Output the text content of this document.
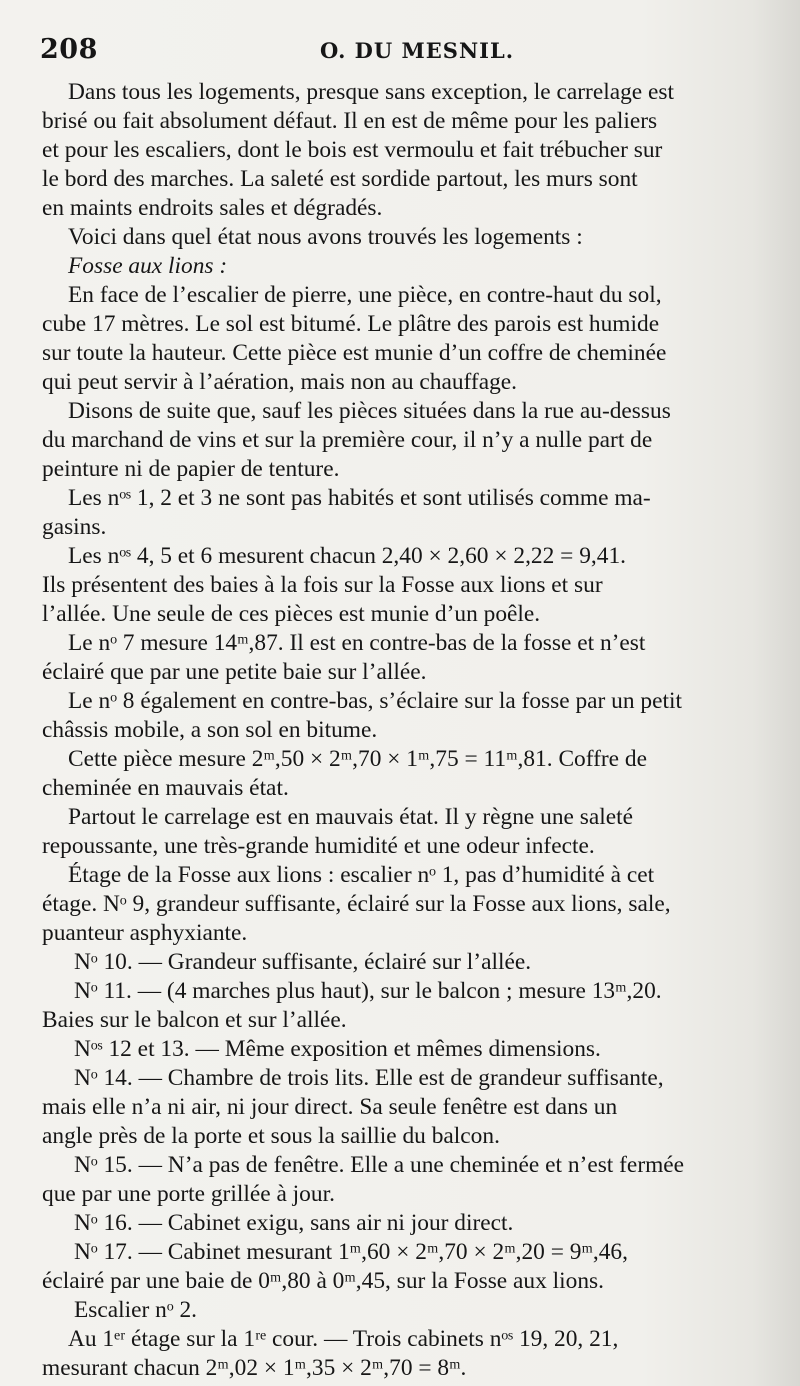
208	O. DU MESNIL.
Dans tous les logements, presque sans exception, le carrelage est
brisé ou fait absolument défaut. Il en est de même pour les paliers
et pour les escaliers, dont le bois est vermoulu et fait trébucher sur
le bord des marches. La saleté est sordide partout, les murs sont
en maints endroits sales et dégradés.
Voici dans quel état nous avons trouvés les logements :
Fosse aux lions :
En face de l’escalier de pierre, une pièce, en contre-haut du sol,
cube 17 mètres. Le sol est bitumé. Le plâtre des parois est humide
sur toute la hauteur. Cette pièce est munie d’un coffre de cheminée
qui peut servir à l’aération, mais non au chauffage.
Disons de suite que, sauf les pièces situées dans la rue au-dessus
du marchand de vins et sur la première cour, il n’y a nulle part de
peinture ni de papier de tenture.
Les nᵒˢ 1, 2 et 3 ne sont pas habités et sont utilisés comme ma-
gasins.
Les nᵒˢ 4, 5 et 6 mesurent chacun 2,40 × 2,60 × 2,22 = 9,41.
Ils présentent des baies à la fois sur la Fosse aux lions et sur
l’allée. Une seule de ces pièces est munie d’un poêle.
Le nᵒ 7 mesure 14ᵐ,87. Il est en contre-bas de la fosse et n’est
éclairé que par une petite baie sur l’allée.
Le nᵒ 8 également en contre-bas, s’éclaire sur la fosse par un petit
châssis mobile, a son sol en bitume.
Cette pièce mesure 2ᵐ,50 × 2ᵐ,70 × 1ᵐ,75 = 11ᵐ,81. Coffre de
cheminée en mauvais état.
Partout le carrelage est en mauvais état. Il y règne une saleté
repoussante, une très-grande humidité et une odeur infecte.
Étage de la Fosse aux lions : escalier nᵒ 1, pas d’humidité à cet
étage. Nᵒ 9, grandeur suffisante, éclairé sur la Fosse aux lions, sale,
puanteur asphyxiante.
Nᵒ 10. — Grandeur suffisante, éclairé sur l’allée.
Nᵒ 11. — (4 marches plus haut), sur le balcon ; mesure 13ᵐ,20.
Baies sur le balcon et sur l’allée.
Nᵒˢ 12 et 13. — Même exposition et mêmes dimensions.
Nᵒ 14. — Chambre de trois lits. Elle est de grandeur suffisante,
mais elle n’a ni air, ni jour direct. Sa seule fenêtre est dans un
angle près de la porte et sous la saillie du balcon.
Nᵒ 15. — N’a pas de fenêtre. Elle a une cheminée et n’est fermée
que par une porte grillée à jour.
Nᵒ 16. — Cabinet exigu, sans air ni jour direct.
Nᵒ 17. — Cabinet mesurant 1ᵐ,60 × 2ᵐ,70 × 2ᵐ,20 = 9ᵐ,46,
éclairé par une baie de 0ᵐ,80 à 0ᵐ,45, sur la Fosse aux lions.
Escalier nᵒ 2.
Au 1ᵉʳ étage sur la 1ʳᵉ cour. — Trois cabinets nᵒˢ 19, 20, 21,
mesurant chacun 2ᵐ,02 × 1ᵐ,35 × 2ᵐ,70 = 8ᵐ.
